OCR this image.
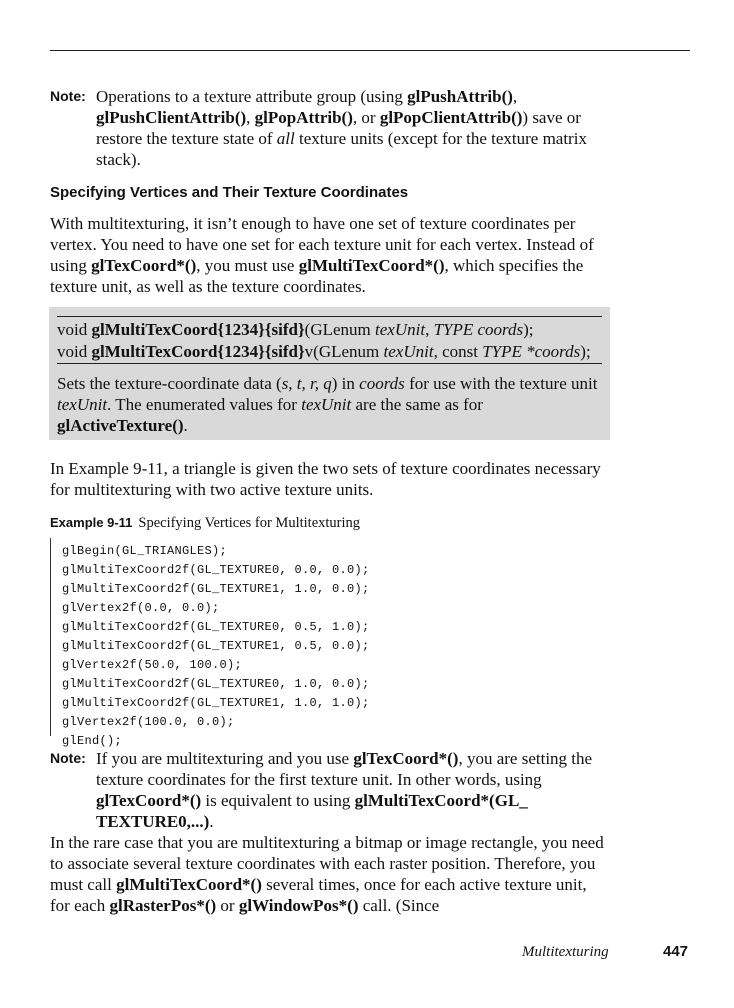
Note: Operations to a texture attribute group (using glPushAttrib(), glPushClientAttrib(), glPopAttrib(), or glPopClientAttrib()) save or restore the texture state of all texture units (except for the texture matrix stack).
Specifying Vertices and Their Texture Coordinates
With multitexturing, it isn’t enough to have one set of texture coordinates per vertex. You need to have one set for each texture unit for each vertex. Instead of using glTexCoord*(), you must use glMultiTexCoord*(), which specifies the texture unit, as well as the texture coordinates.
void glMultiTexCoord{1234}{sifd}(GLenum texUnit, TYPE coords);
void glMultiTexCoord{1234}{sifd}v(GLenum texUnit, const TYPE *coords);
Sets the texture-coordinate data (s, t, r, q) in coords for use with the texture unit texUnit. The enumerated values for texUnit are the same as for glActiveTexture().
In Example 9-11, a triangle is given the two sets of texture coordinates necessary for multitexturing with two active texture units.
Example 9-11 Specifying Vertices for Multitexturing
glBegin(GL_TRIANGLES);
glMultiTexCoord2f(GL_TEXTURE0, 0.0, 0.0);
glMultiTexCoord2f(GL_TEXTURE1, 1.0, 0.0);
glVertex2f(0.0, 0.0);
glMultiTexCoord2f(GL_TEXTURE0, 0.5, 1.0);
glMultiTexCoord2f(GL_TEXTURE1, 0.5, 0.0);
glVertex2f(50.0, 100.0);
glMultiTexCoord2f(GL_TEXTURE0, 1.0, 0.0);
glMultiTexCoord2f(GL_TEXTURE1, 1.0, 1.0);
glVertex2f(100.0, 0.0);
glEnd();
Note: If you are multitexturing and you use glTexCoord*(), you are setting the texture coordinates for the first texture unit. In other words, using glTexCoord*() is equivalent to using glMultiTexCoord*(GL_ TEXTURE0,...).
In the rare case that you are multitexturing a bitmap or image rectangle, you need to associate several texture coordinates with each raster position. Therefore, you must call glMultiTexCoord*() several times, once for each active texture unit, for each glRasterPos*() or glWindowPos*() call. (Since
Multitexturing	447
